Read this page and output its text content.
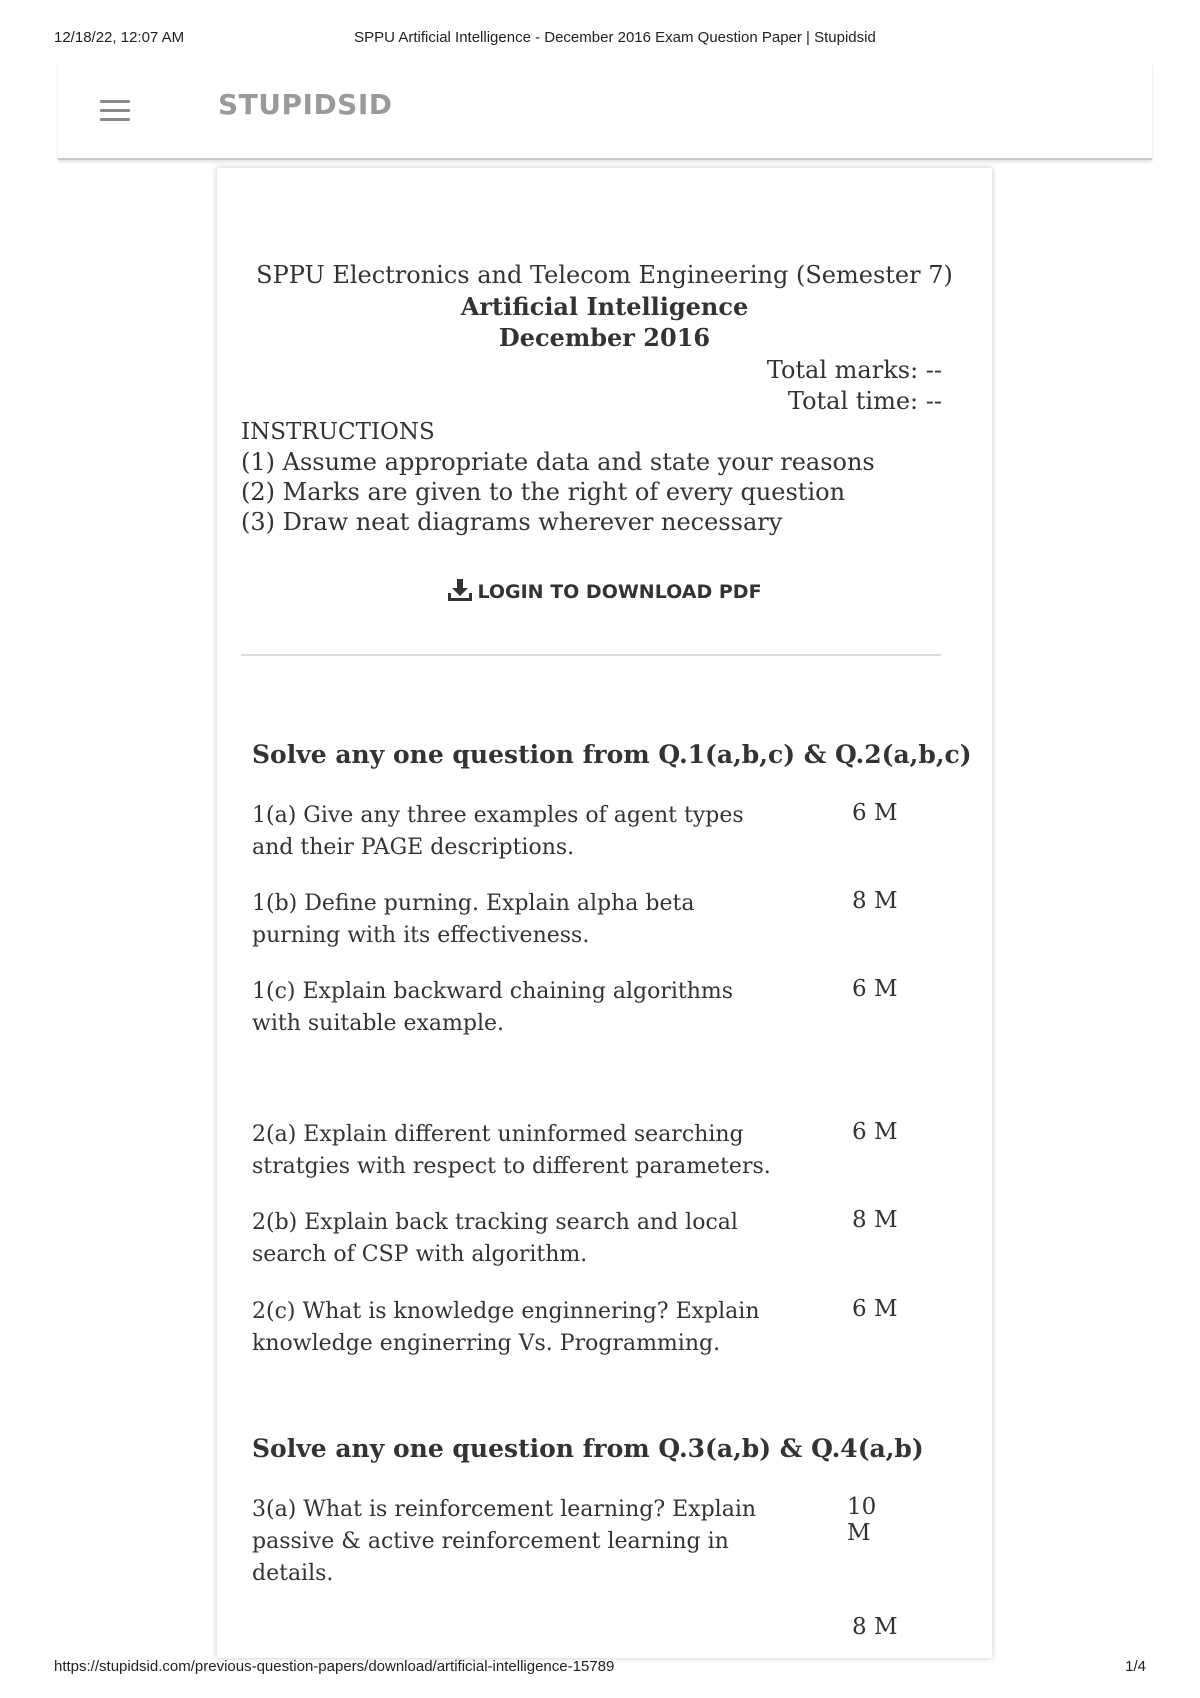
12/18/22, 12:07 AM	SPPU Artificial Intelligence - December 2016 Exam Question Paper | Stupidsid
STUPIDSID
SPPU Electronics and Telecom Engineering (Semester 7)
Artificial Intelligence
December 2016
Total marks: --
Total time: --
INSTRUCTIONS
(1) Assume appropriate data and state your reasons
(2) Marks are given to the right of every question
(3) Draw neat diagrams wherever necessary
LOGIN TO DOWNLOAD PDF
Solve any one question from Q.1(a,b,c) & Q.2(a,b,c)
1(a) Give any three examples of agent types and their PAGE descriptions.
6 M
1(b) Define purning. Explain alpha beta purning with its effectiveness.
8 M
1(c) Explain backward chaining algorithms with suitable example.
6 M
2(a) Explain different uninformed searching stratgies with respect to different parameters.
6 M
2(b) Explain back tracking search and local search of CSP with algorithm.
8 M
2(c) What is knowledge enginnering? Explain knowledge enginerring Vs. Programming.
6 M
Solve any one question from Q.3(a,b) & Q.4(a,b)
3(a) What is reinforcement learning? Explain passive & active reinforcement learning in details.
10 M
8 M
https://stupidsid.com/previous-question-papers/download/artificial-intelligence-15789	1/4
